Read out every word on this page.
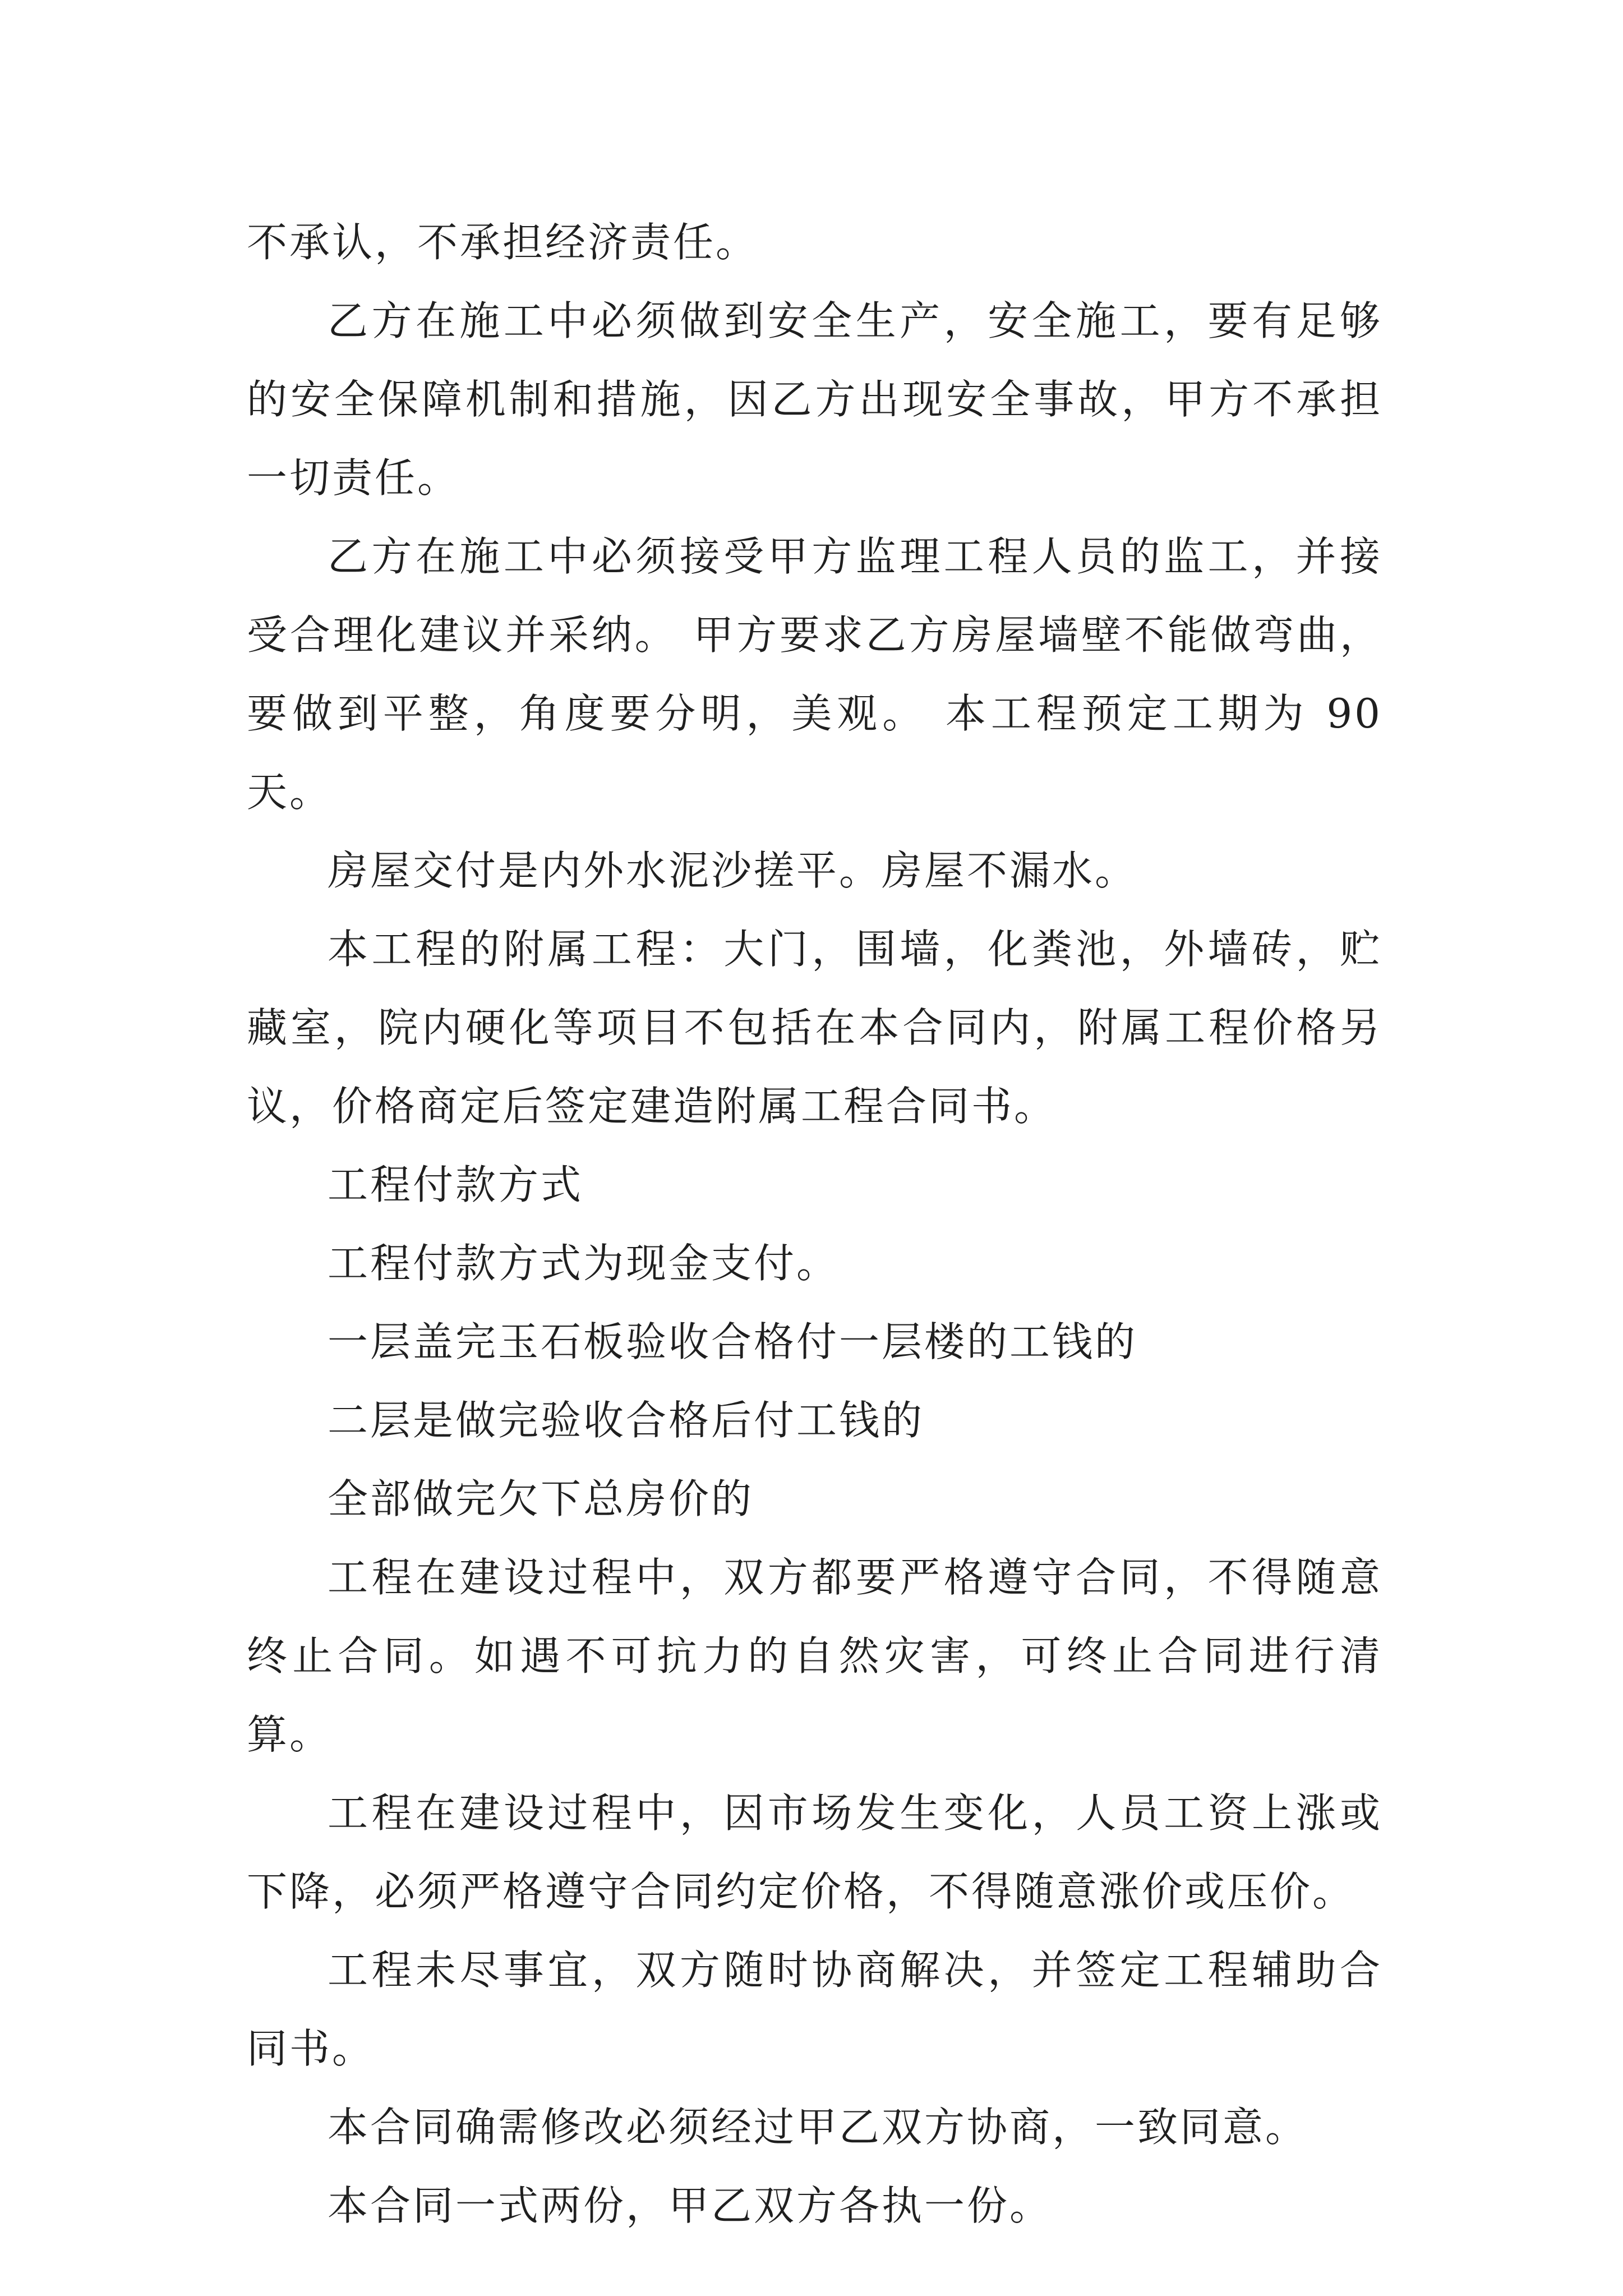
不承认，不承担经济责任。

乙方在施工中必须做到安全生产，安全施工，要有足够的安全保障机制和措施，因乙方出现安全事故，甲方不承担一切责任。

乙方在施工中必须接受甲方监理工程人员的监工，并接受合理化建议并采纳。 甲方要求乙方房屋墙壁不能做弯曲，要做到平整，角度要分明，美观。 本工程预定工期为 90 天。

房屋交付是内外水泥沙搓平。房屋不漏水。

本工程的附属工程：大门，围墙，化粪池，外墙砖，贮藏室，院内硬化等项目不包括在本合同内，附属工程价格另议，价格商定后签定建造附属工程合同书。

工程付款方式

工程付款方式为现金支付。

一层盖完玉石板验收合格付一层楼的工钱的

二层是做完验收合格后付工钱的

全部做完欠下总房价的

工程在建设过程中，双方都要严格遵守合同，不得随意终止合同。如遇不可抗力的自然灾害，可终止合同进行清算。

工程在建设过程中，因市场发生变化，人员工资上涨或下降，必须严格遵守合同约定价格，不得随意涨价或压价。

工程未尽事宜，双方随时协商解决，并签定工程辅助合同书。

本合同确需修改必须经过甲乙双方协商，一致同意。

本合同一式两份，甲乙双方各执一份。
